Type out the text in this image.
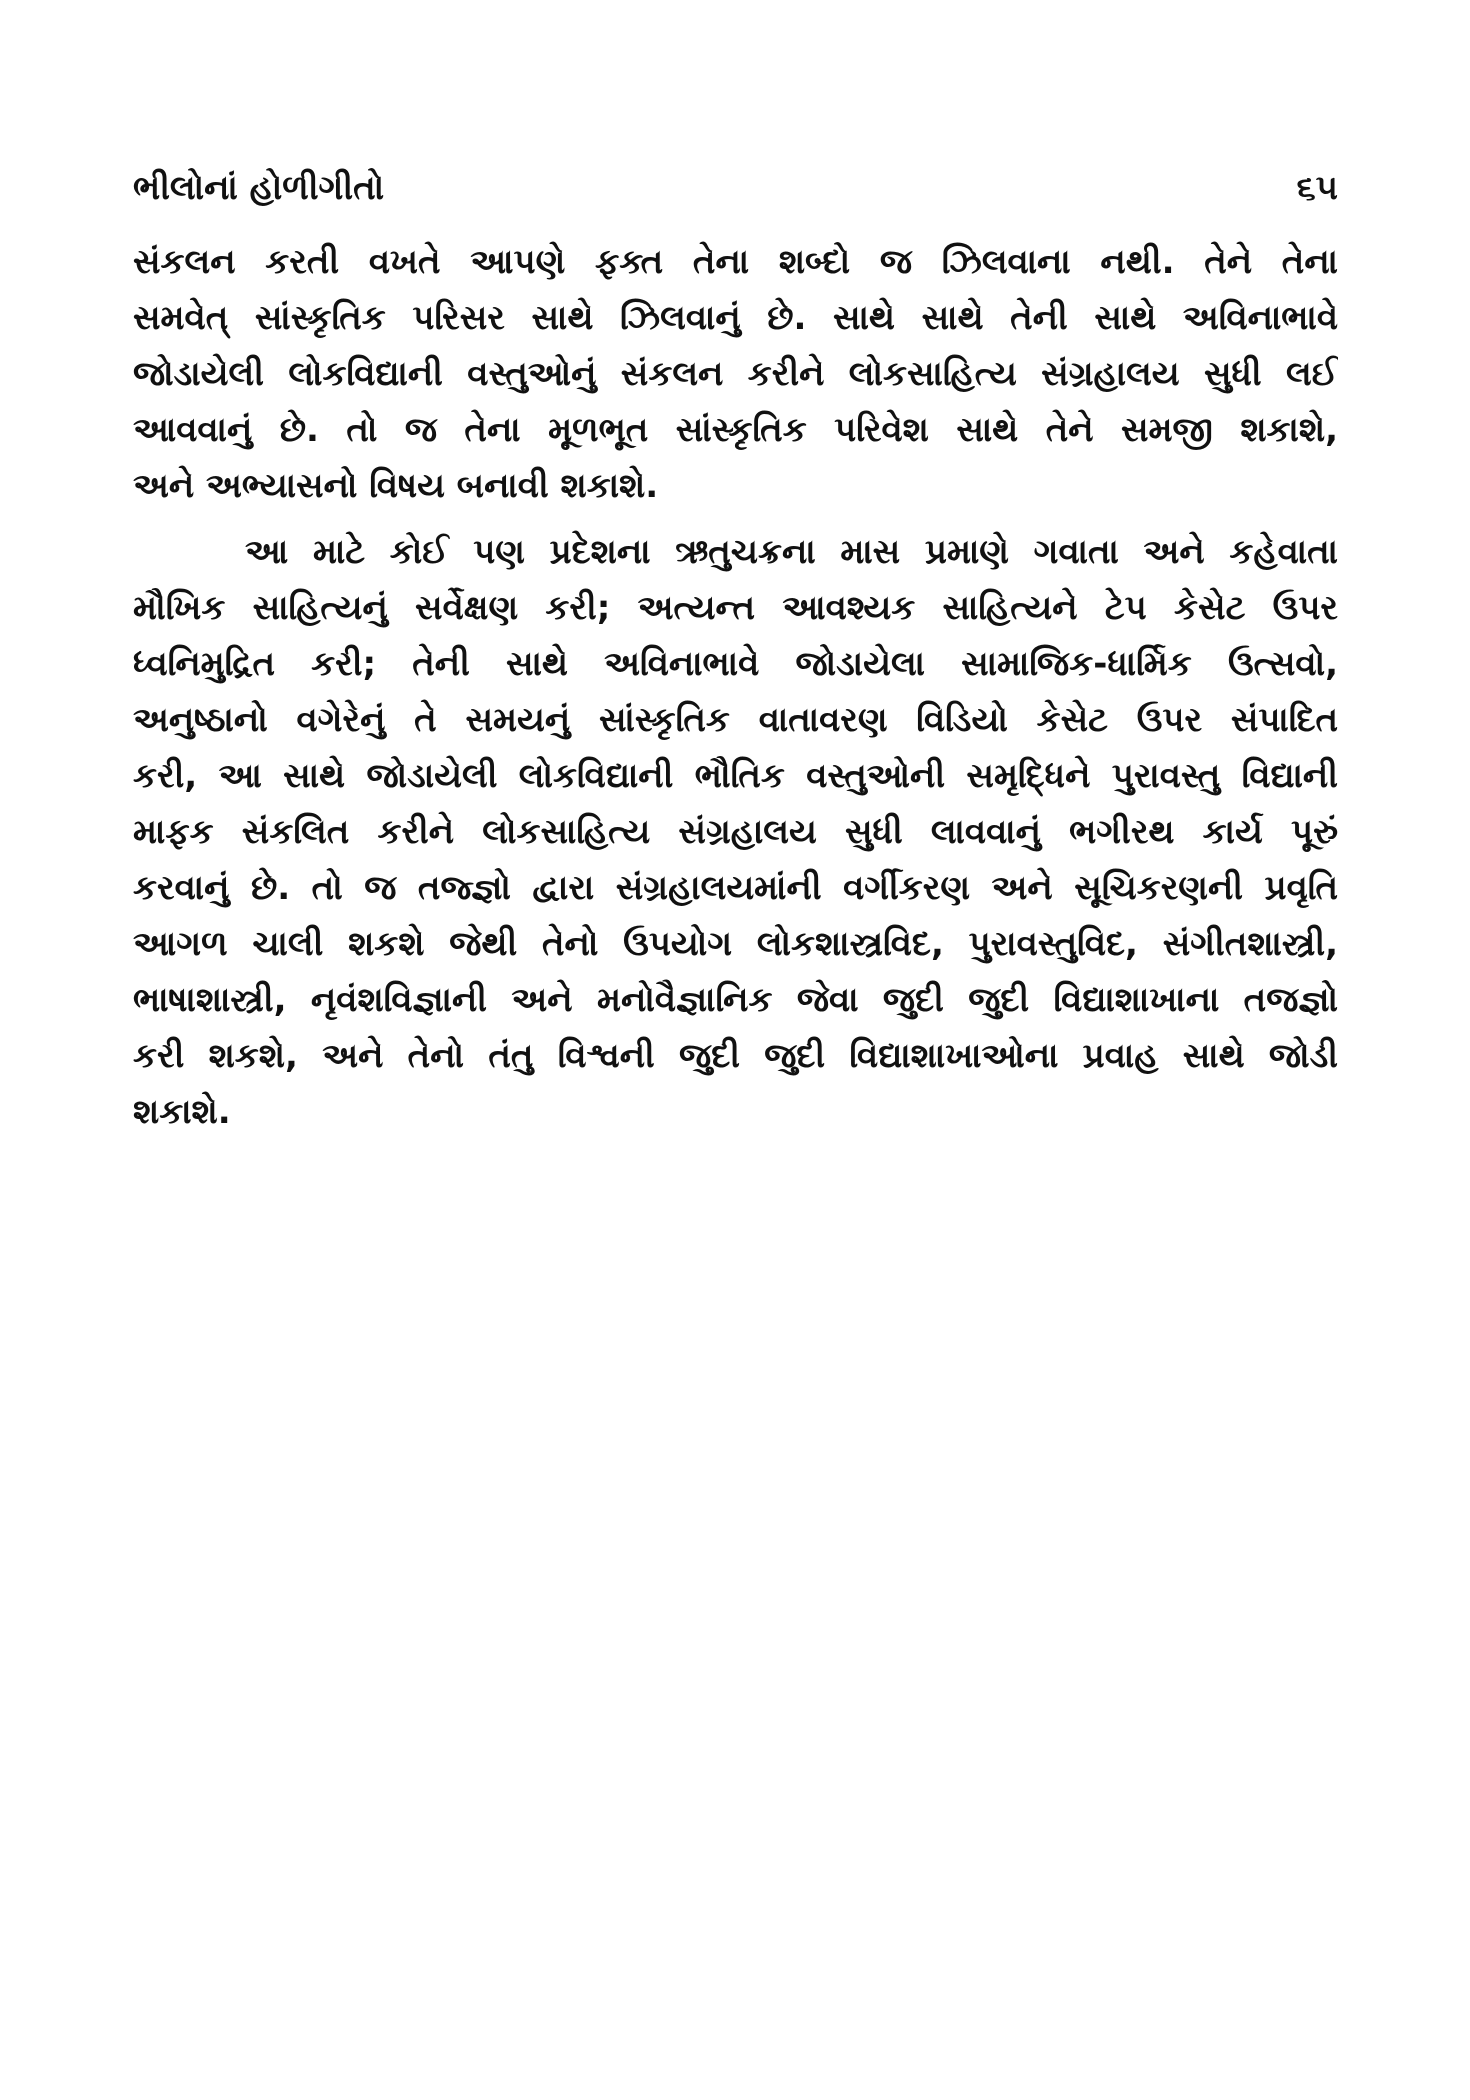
ભીલોનાં હોળીગીતો	૬૫
સંકલન કરતી વખતે આપણે ફક્ત તેના શબ્દો જ ઝિલવાના નથી. તેને તેના
સમવેત્ સાંસ્કૃતિક પરિસર સાથે ઝિલવાનું છે. સાથે સાથે તેની સાથે અવિનાભાવે
જોડાયેલી લોકવિદ્યાની વસ્તુઓનું સંકલન કરીને લોકસાહિત્ય સંગ્રહાલય સુધી લઈ
આવવાનું છે. તો જ તેના મૂળભૂત સાંસ્કૃતિક પરિવેશ સાથે તેને સમજી શકાશે,
અને અભ્યાસનો વિષય બનાવી શકાશે.
આ માટે કોઈ પણ પ્રદેશના ઋતુચક્રના માસ પ્રમાણે ગવાતા અને કહેવાતા
મૌખિક સાહિત્યનું સર્વેક્ષણ કરી; અત્યન્ત આવશ્યક સાહિત્યને ટેપ કેસેટ ઉપર
ધ્વનિમુદ્રિત કરી; તેની સાથે અવિનાભાવે જોડાયેલા સામાજિક-ધાર્મિક ઉત્સવો,
અનુષ્ઠાનો વગેરેનું તે સમયનું સાંસ્કૃતિક વાતાવરણ વિડિયો કેસેટ ઉપર સંપાદિત
કરી, આ સાથે જોડાયેલી લોકવિદ્યાની ભૌતિક વસ્તુઓની સમૃદ્ધિને પુરાવસ્તુ વિદ્યાની
માફક સંકલિત કરીને લોકસાહિત્ય સંગ્રહાલય સુધી લાવવાનું ભગીરથ કાર્ય પૂરું
કરવાનું છે. તો જ તજ્જ્ઞો દ્વારા સંગ્રહાલયમાંની વર્ગીકરણ અને સૂચિકરણની પ્રવૃતિ
આગળ ચાલી શકશે જેથી તેનો ઉપયોગ લોકશાસ્ત્રવિદ, પુરાવસ્તુવિદ, સંગીતશાસ્ત્રી,
ભાષાશાસ્ત્રી, નૃવંશવિજ્ઞાની અને મનોવૈજ્ઞાનિક જેવા જુદી જુદી વિદ્યાશાખાના તજજ્ઞો
કરી શકશે, અને તેનો તંતુ વિશ્વની જુદી જુદી વિદ્યાશાખાઓના પ્રવાહ સાથે જોડી
શકાશે.
